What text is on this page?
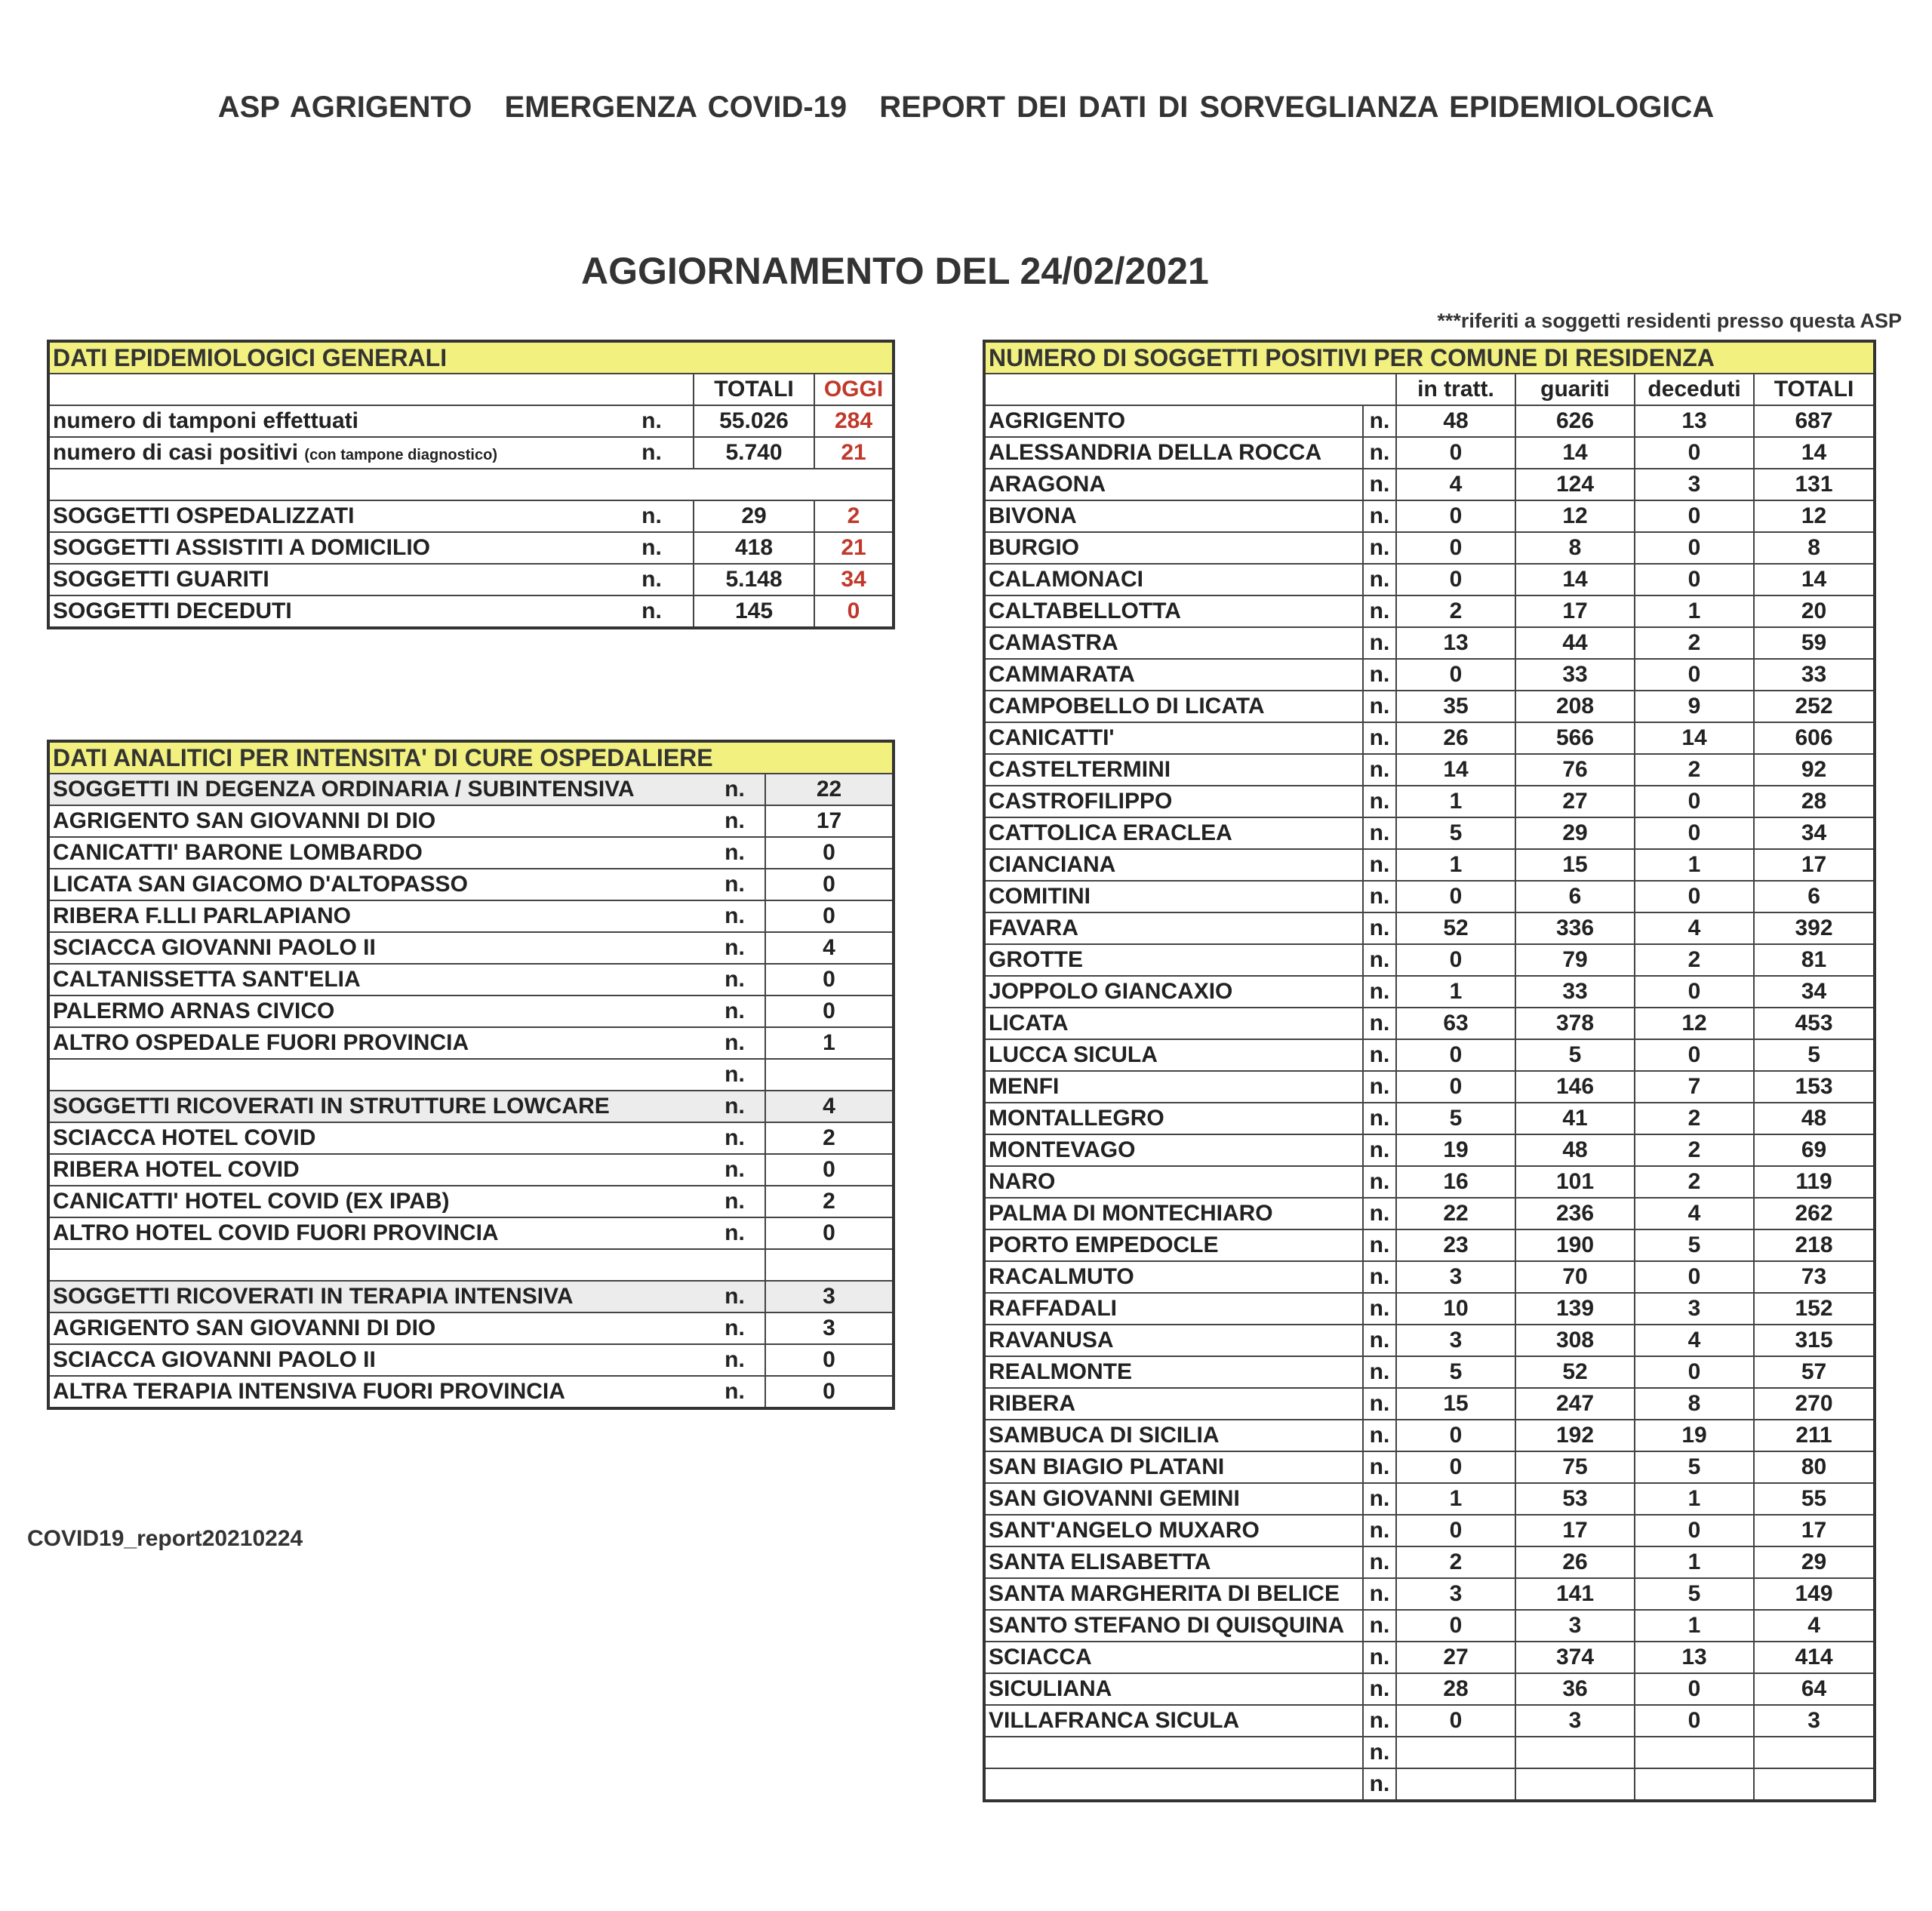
ASP AGRIGENTO EMERGENZA COVID-19 REPORT DEI DATI DI SORVEGLIANZA EPIDEMIOLOGICA
AGGIORNAMENTO DEL 24/02/2021
***riferiti a soggetti residenti presso questa ASP
COVID19_report20210224
DATI EPIDEMIOLOGICI GENERALI			
		TOTALI	OGGI
numero di tamponi effettuati	n.	55.026	284
numero di casi positivi (con tampone diagnostico)	n.	5.740	21

SOGGETTI OSPEDALIZZATI	n.	29	2
SOGGETTI ASSISTITI A DOMICILIO	n.	418	21
SOGGETTI GUARITI	n.	5.148	34
SOGGETTI DECEDUTI	n.	145	0
DATI ANALITICI PER INTENSITA' DI CURE OSPEDALIERE		
SOGGETTI IN DEGENZA ORDINARIA / SUBINTENSIVA	n.	22
AGRIGENTO SAN GIOVANNI DI DIO	n.	17
CANICATTI' BARONE LOMBARDO	n.	0
LICATA SAN GIACOMO D'ALTOPASSO	n.	0
RIBERA F.LLI PARLAPIANO	n.	0
SCIACCA GIOVANNI PAOLO II	n.	4
CALTANISSETTA SANT'ELIA	n.	0
PALERMO ARNAS CIVICO	n.	0
ALTRO OSPEDALE FUORI PROVINCIA	n.	1
	n.	
SOGGETTI RICOVERATI IN STRUTTURE LOWCARE	n.	4
SCIACCA HOTEL COVID	n.	2
RIBERA HOTEL COVID	n.	0
CANICATTI' HOTEL COVID (EX IPAB)	n.	2
ALTRO HOTEL COVID FUORI PROVINCIA	n.	0

SOGGETTI RICOVERATI IN TERAPIA INTENSIVA	n.	3
AGRIGENTO SAN GIOVANNI DI DIO	n.	3
SCIACCA GIOVANNI PAOLO II	n.	0
ALTRA TERAPIA INTENSIVA FUORI PROVINCIA	n.	0
NUMERO DI SOGGETTI POSITIVI PER COMUNE DI RESIDENZA					
		in tratt.	guariti	deceduti	TOTALI
AGRIGENTO	n.	48	626	13	687
ALESSANDRIA DELLA ROCCA	n.	0	14	0	14
ARAGONA	n.	4	124	3	131
BIVONA	n.	0	12	0	12
BURGIO	n.	0	8	0	8
CALAMONACI	n.	0	14	0	14
CALTABELLOTTA	n.	2	17	1	20
CAMASTRA	n.	13	44	2	59
CAMMARATA	n.	0	33	0	33
CAMPOBELLO DI LICATA	n.	35	208	9	252
CANICATTI'	n.	26	566	14	606
CASTELTERMINI	n.	14	76	2	92
CASTROFILIPPO	n.	1	27	0	28
CATTOLICA ERACLEA	n.	5	29	0	34
CIANCIANA	n.	1	15	1	17
COMITINI	n.	0	6	0	6
FAVARA	n.	52	336	4	392
GROTTE	n.	0	79	2	81
JOPPOLO GIANCAXIO	n.	1	33	0	34
LICATA	n.	63	378	12	453
LUCCA SICULA	n.	0	5	0	5
MENFI	n.	0	146	7	153
MONTALLEGRO	n.	5	41	2	48
MONTEVAGO	n.	19	48	2	69
NARO	n.	16	101	2	119
PALMA DI MONTECHIARO	n.	22	236	4	262
PORTO EMPEDOCLE	n.	23	190	5	218
RACALMUTO	n.	3	70	0	73
RAFFADALI	n.	10	139	3	152
RAVANUSA	n.	3	308	4	315
REALMONTE	n.	5	52	0	57
RIBERA	n.	15	247	8	270
SAMBUCA DI SICILIA	n.	0	192	19	211
SAN BIAGIO PLATANI	n.	0	75	5	80
SAN GIOVANNI GEMINI	n.	1	53	1	55
SANT'ANGELO MUXARO	n.	0	17	0	17
SANTA ELISABETTA	n.	2	26	1	29
SANTA MARGHERITA DI BELICE	n.	3	141	5	149
SANTO STEFANO DI QUISQUINA	n.	0	3	1	4
SCIACCA	n.	27	374	13	414
SICULIANA	n.	28	36	0	64
VILLAFRANCA SICULA	n.	0	3	0	3
	n.				
	n.				
